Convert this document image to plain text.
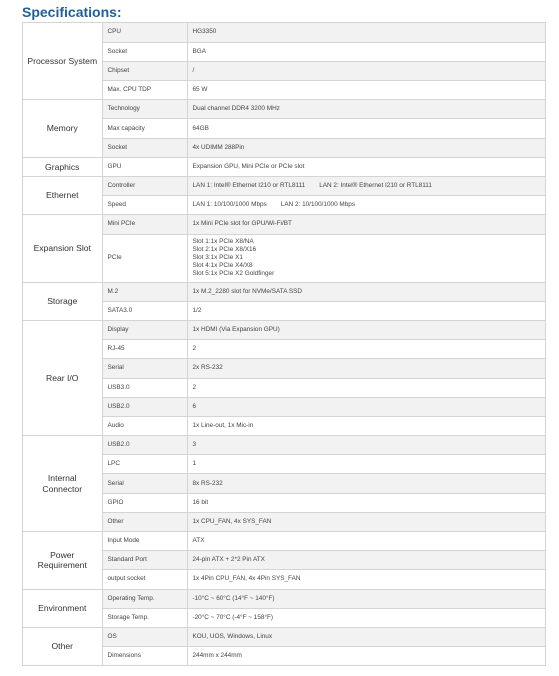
Specifications:
Processor System	CPU	HG3350
	Socket	BGA
	Chipset	/
	Max. CPU TDP	65 W
Memory	Technology	Dual channel DDR4 3200 MHz
	Max capacity	64GB
	Socket	4x UDIMM 288Pin
Graphics	GPU	Expansion GPU, Mini PCIe or PCIe slot
Ethernet	Controller	LAN 1: Intel® Ethernet I210 or RTL8111 LAN 2: Intel® Ethernet I210 or RTL8111
	Speed	LAN 1: 10/100/1000 Mbps LAN 2: 10/100/1000 Mbps
Expansion Slot	Mini PCIe	1x Mini PCIe slot for GPU/Wi-Fi/BT
	PCIe	Slot 1:1x PCIe X8/NA
Slot 2:1x PCIe X8/X16
Slot 3:1x PCIe X1
Slot 4:1x PCIe X4/X8
Slot 5:1x PCIe X2 Goldfinger

Storage	M.2	1x M.2_2280 slot for NVMe/SATA SSD
	SATA3.0	1/2
Rear I/O	Display	1x HDMI (Via Expansion GPU)
	RJ-45	2
	Serial	2x RS-232
	USB3.0	2
	USB2.0	6
	Audio	1x Line-out, 1x Mic-in
Internal Connector	USB2.0	3
	LPC	1
	Serial	8x RS-232
	GPIO	16 bit
	Other	1x CPU_FAN, 4x SYS_FAN
Power Requirement	Input Mode	ATX
	Standard Port	24-pin ATX + 2*2 Pin ATX
	output socket	1x 4Pin CPU_FAN, 4x 4Pin SYS_FAN
Environment	Operating Temp.	-10°C ~ 60°C (14°F ~ 140°F)
	Storage Temp.	-20°C ~ 70°C (-4°F ~ 158°F)
Other	OS	KOU, UOS, Windows, Linux
	Dimensions	244mm x 244mm
